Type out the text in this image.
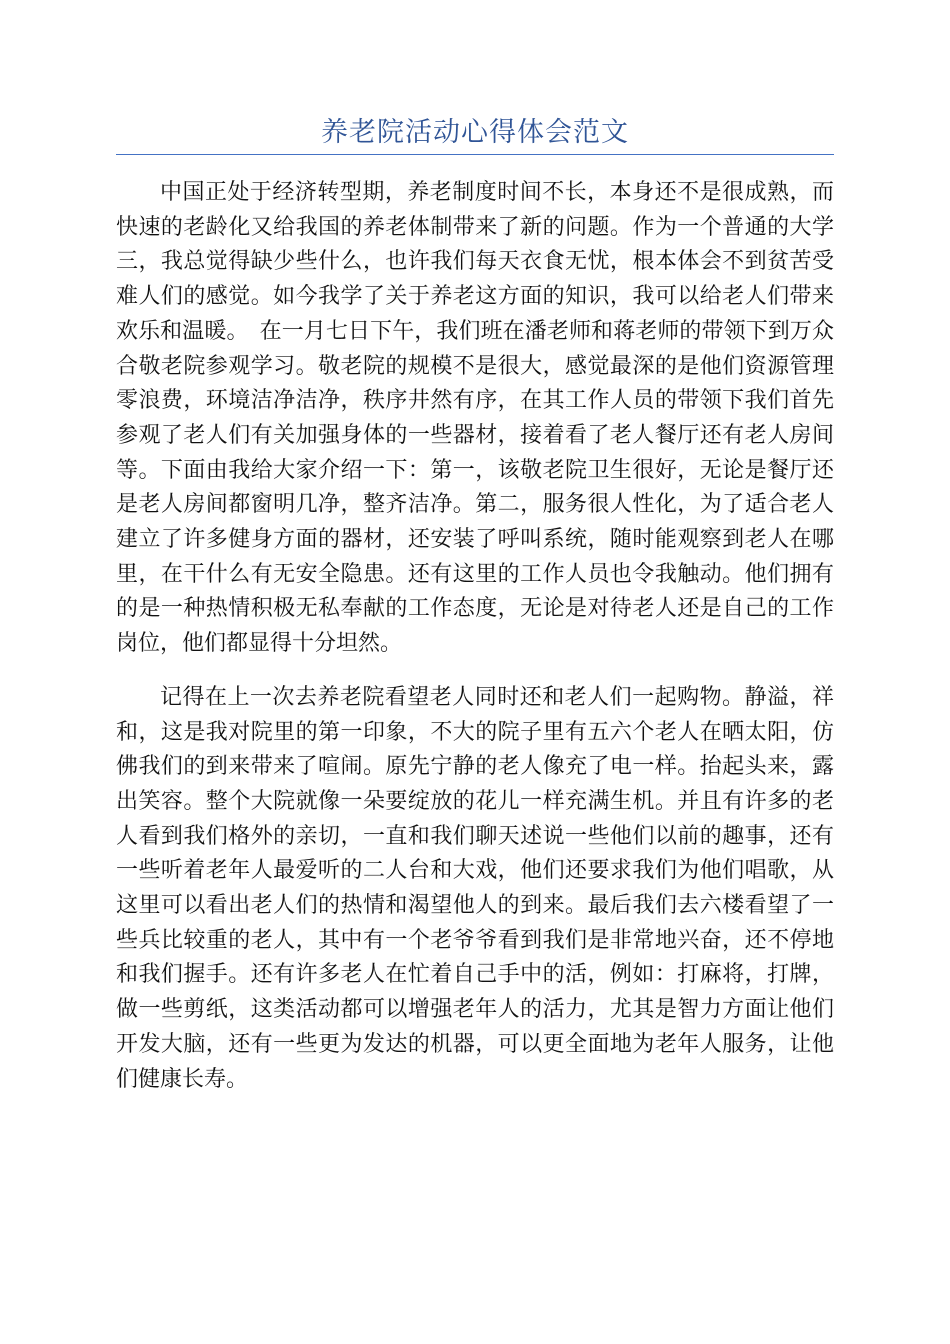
养老院活动心得体会范文

中国正处于经济转型期，养老制度时间不长，本身还不是很成熟，而快速的老龄化又给我国的养老体制带来了新的问题。作为一个普通的大学三，我总觉得缺少些什么，也许我们每天衣食无忧，根本体会不到贫苦受难人们的感觉。如今我学了关于养老这方面的知识，我可以给老人们带来欢乐和温暖。　在一月七日下午，我们班在潘老师和蒋老师的带领下到万众合敬老院参观学习。敬老院的规模不是很大，感觉最深的是他们资源管理零浪费，环境洁净洁净，秩序井然有序，在其工作人员的带领下我们首先参观了老人们有关加强身体的一些器材，接着看了老人餐厅还有老人房间等。下面由我给大家介绍一下：第一，该敬老院卫生很好，无论是餐厅还是老人房间都窗明几净，整齐洁净。第二，服务很人性化，为了适合老人建立了许多健身方面的器材，还安装了呼叫系统，随时能观察到老人在哪里，在干什么有无安全隐患。还有这里的工作人员也令我触动。他们拥有的是一种热情积极无私奉献的工作态度，无论是对待老人还是自己的工作岗位，他们都显得十分坦然。

记得在上一次去养老院看望老人同时还和老人们一起购物。静溢，祥和，这是我对院里的第一印象，不大的院子里有五六个老人在晒太阳，仿佛我们的到来带来了喧闹。原先宁静的老人像充了电一样。抬起头来，露出笑容。整个大院就像一朵要绽放的花儿一样充满生机。并且有许多的老人看到我们格外的亲切，一直和我们聊天述说一些他们以前的趣事，还有一些听着老年人最爱听的二人台和大戏，他们还要求我们为他们唱歌，从这里可以看出老人们的热情和渴望他人的到来。最后我们去六楼看望了一些兵比较重的老人，其中有一个老爷爷看到我们是非常地兴奋，还不停地和我们握手。还有许多老人在忙着自己手中的活，例如：打麻将，打牌，做一些剪纸，这类活动都可以增强老年人的活力，尤其是智力方面让他们开发大脑，还有一些更为发达的机器，可以更全面地为老年人服务，让他们健康长寿。
